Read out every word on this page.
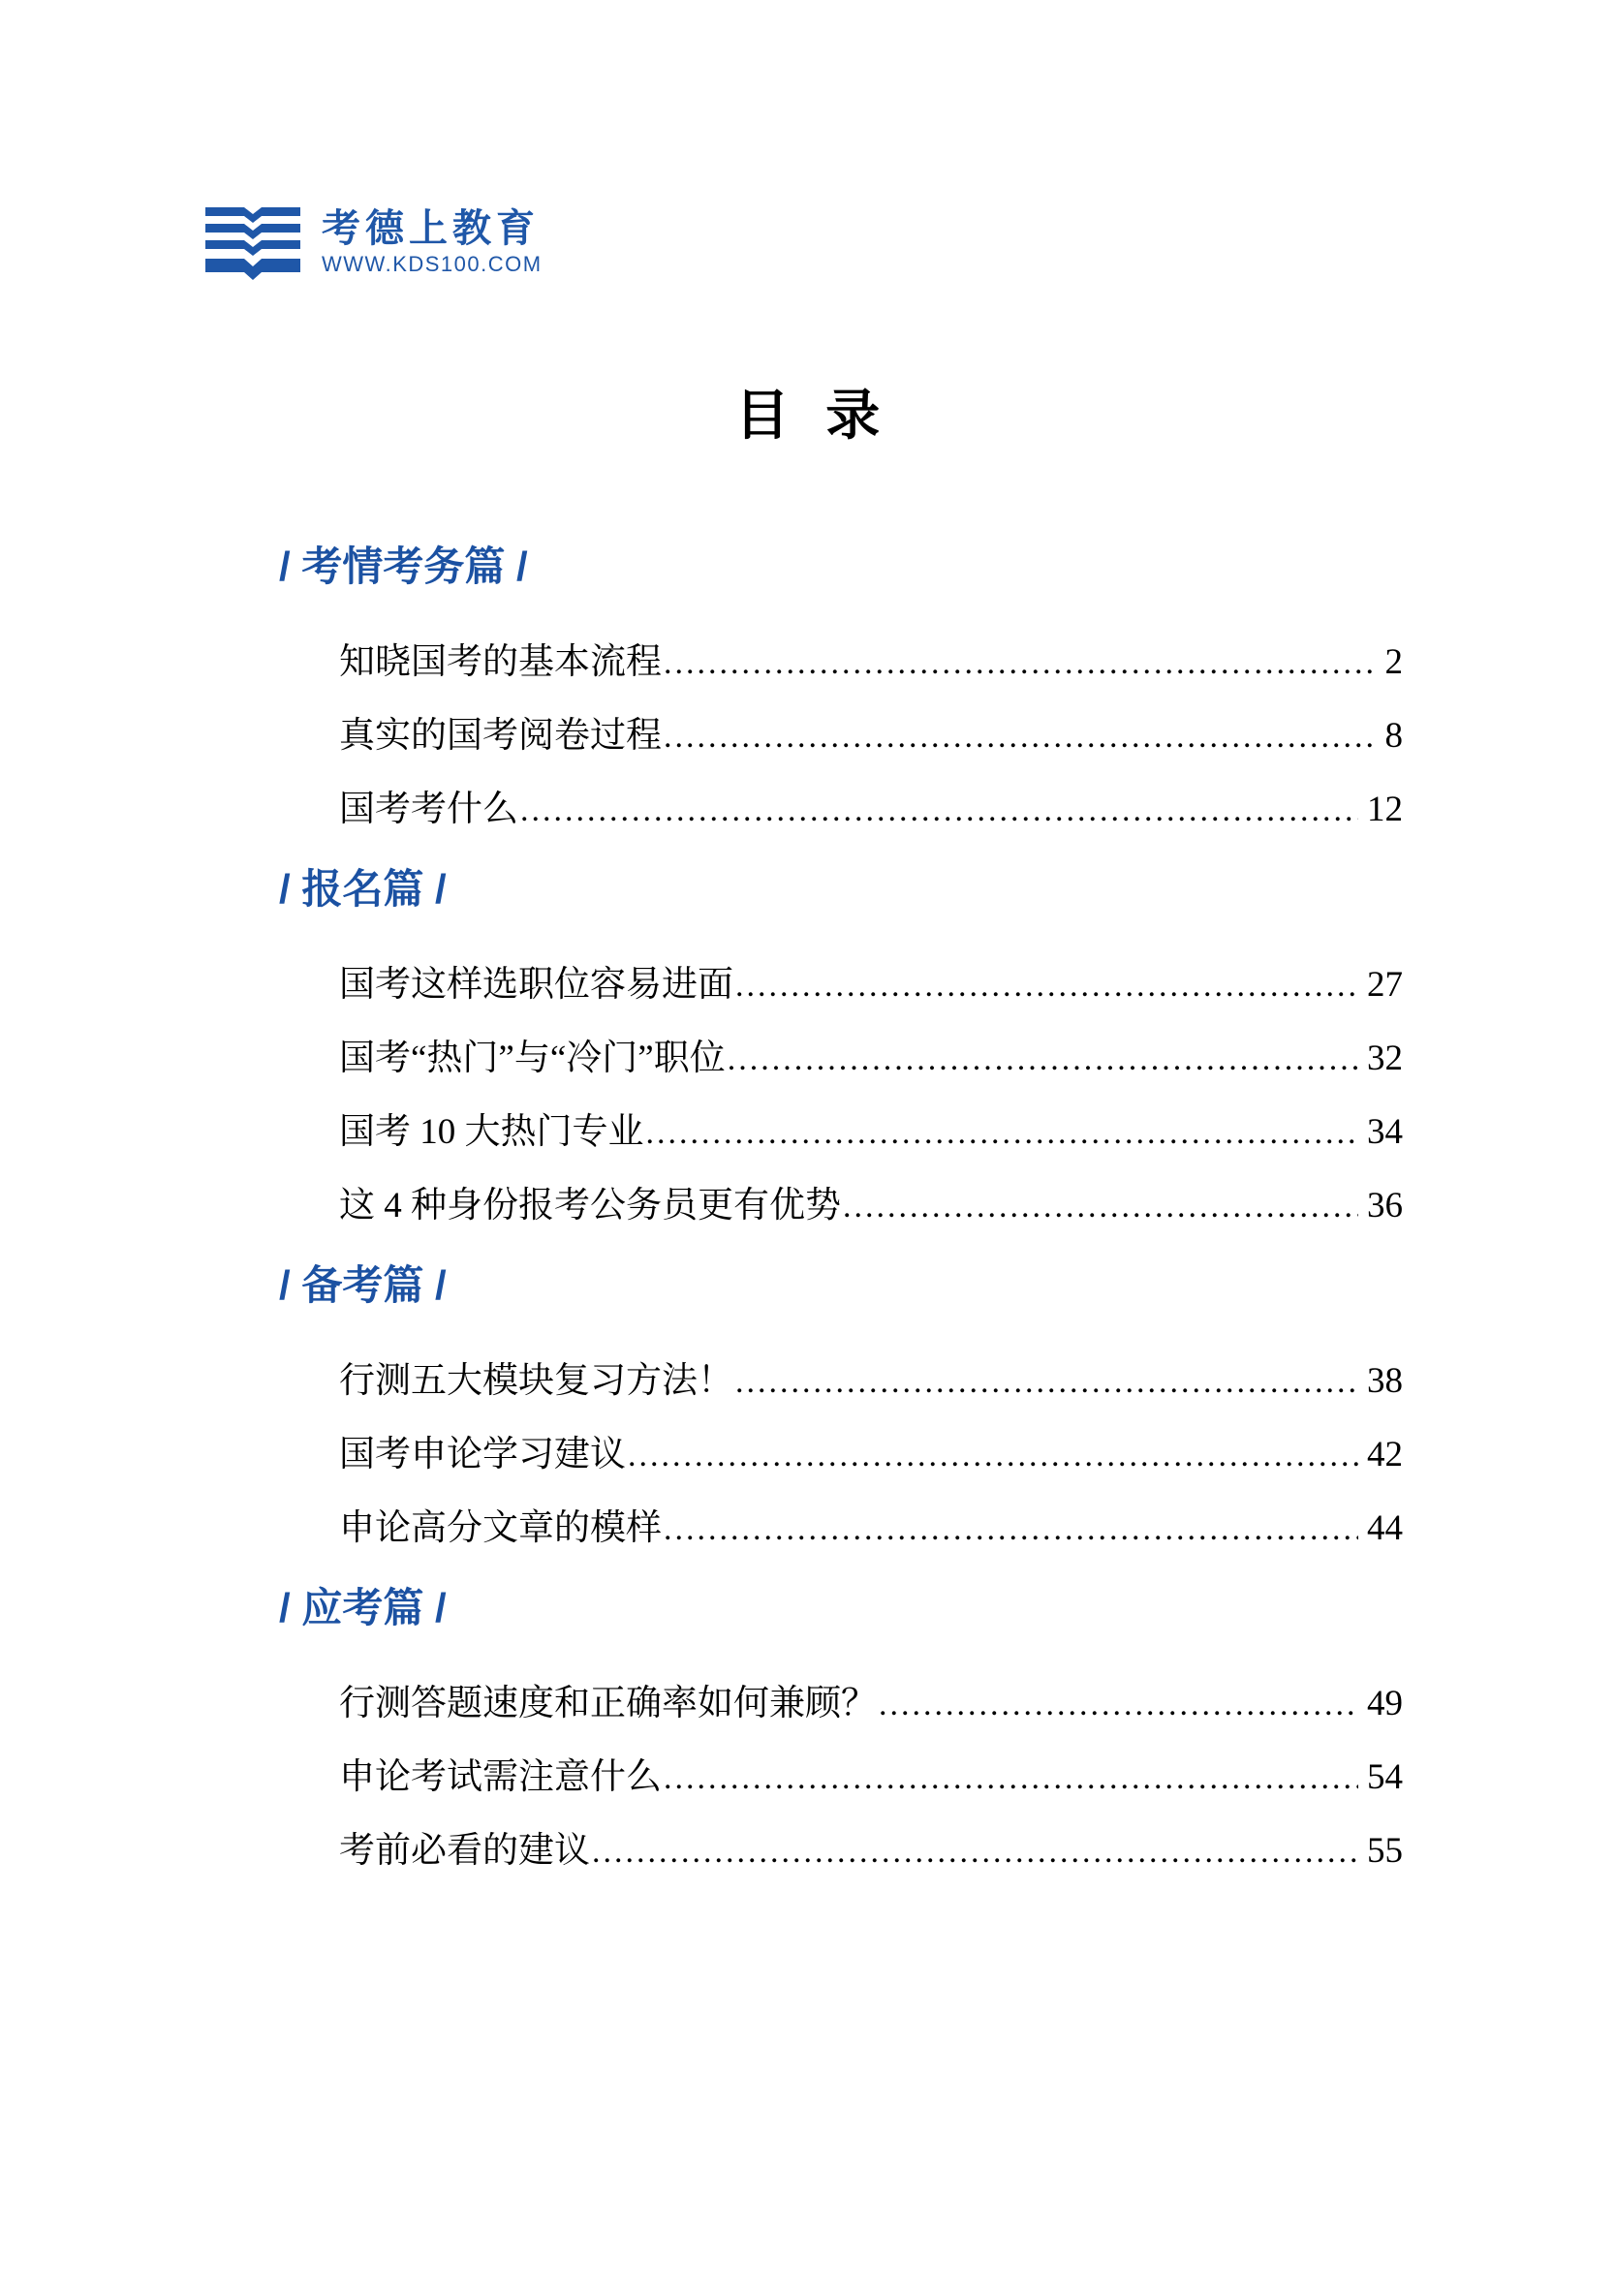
考德上教育
WWW.KDS100.COM
目 录
/ 考情考务篇 /
知晓国考的基本流程 .....	2
真实的国考阅卷过程 .....	8
国考考什么 .....	12
/ 报名篇 /
国考这样选职位容易进面 .....	27
国考“热门”与“冷门”职位 .....	32
国考 10 大热门专业 .....	34
这 4 种身份报考公务员更有优势 .....	36
/ 备考篇 /
行测五大模块复习方法！ .....	38
国考申论学习建议 .....	42
申论高分文章的模样 .....	44
/ 应考篇 /
行测答题速度和正确率如何兼顾？ .....	49
申论考试需注意什么 .....	54
考前必看的建议 .....	55
